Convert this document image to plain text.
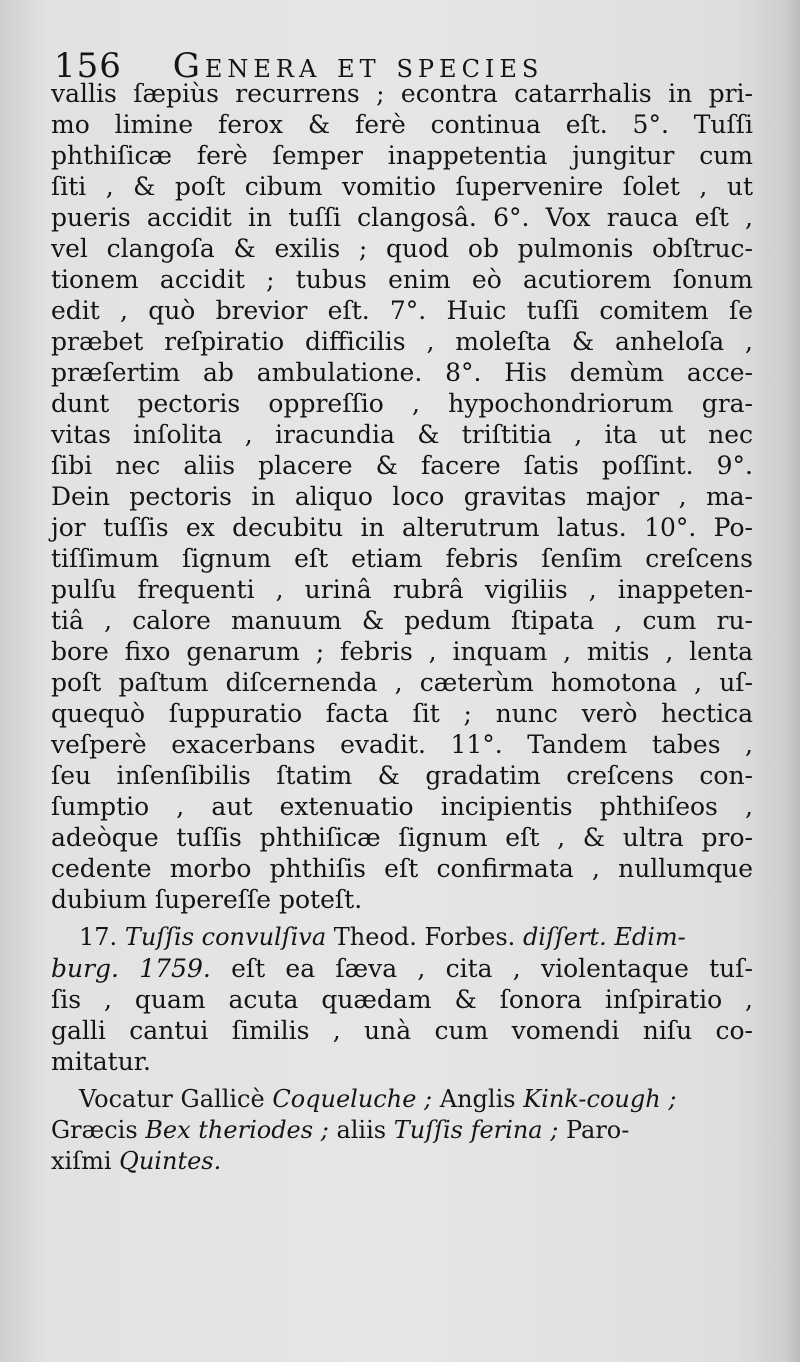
156 Genera et species
vallis ſæpiùs recurrens ; econtra catarrhalis in pri-
mo limine ferox & ferè continua eſt. 5°. Tuſſi
phthiſicæ ferè ſemper inappetentia jungitur cum
ſiti , & poſt cibum vomitio ſupervenire ſolet , ut
pueris accidit in tuſſi clangosâ. 6°. Vox rauca eſt ,
vel clangoſa & exilis ; quod ob pulmonis obſtruc-
tionem accidit ; tubus enim eò acutiorem ſonum
edit , quò brevior eſt. 7°. Huic tuſſi comitem ſe
præbet reſpiratio difficilis , moleſta & anheloſa ,
præſertim ab ambulatione. 8°. His demùm acce-
dunt pectoris oppreſſio , hypochondriorum gra-
vitas inſolita , iracundia & triſtitia , ita ut nec
ſibi nec aliis placere & facere ſatis poſſint. 9°.
Dein pectoris in aliquo loco gravitas major , ma-
jor tuſſis ex decubitu in alterutrum latus. 10°. Po-
tiſſimum ſignum eſt etiam febris ſenſim creſcens
pulſu frequenti , urinâ rubrâ vigiliis , inappeten-
tiâ , calore manuum & pedum ſtipata , cum ru-
bore fixo genarum ; febris , inquam , mitis , lenta
poſt paſtum diſcernenda , cæterùm homotona , uſ-
quequò ſuppuratio facta ſit ; nunc verò hectica
veſperè exacerbans evadit. 11°. Tandem tabes ,
ſeu inſenſibilis ſtatim & gradatim creſcens con-
ſumptio , aut extenuatio incipientis phthiſeos ,
adeòque tuſſis phthiſicæ ſignum eſt , & ultra pro-
cedente morbo phthiſis eſt confirmata , nullumque
dubium ſupereſſe poteſt.
17. Tuſſis convulſiva Theod. Forbes. diſſert. Edim-
burg. 1759. eſt ea ſæva , cita , violentaque tuſ-
ſis , quam acuta quædam & ſonora inſpiratio ,
galli cantui ſimilis , unà cum vomendi niſu co-
mitatur.
Vocatur Gallicè Coqueluche ; Anglis Kink-cough ;
Græcis Bex theriodes ; aliis Tuſſis ferina ; Paro-
xiſmi Quintes.
